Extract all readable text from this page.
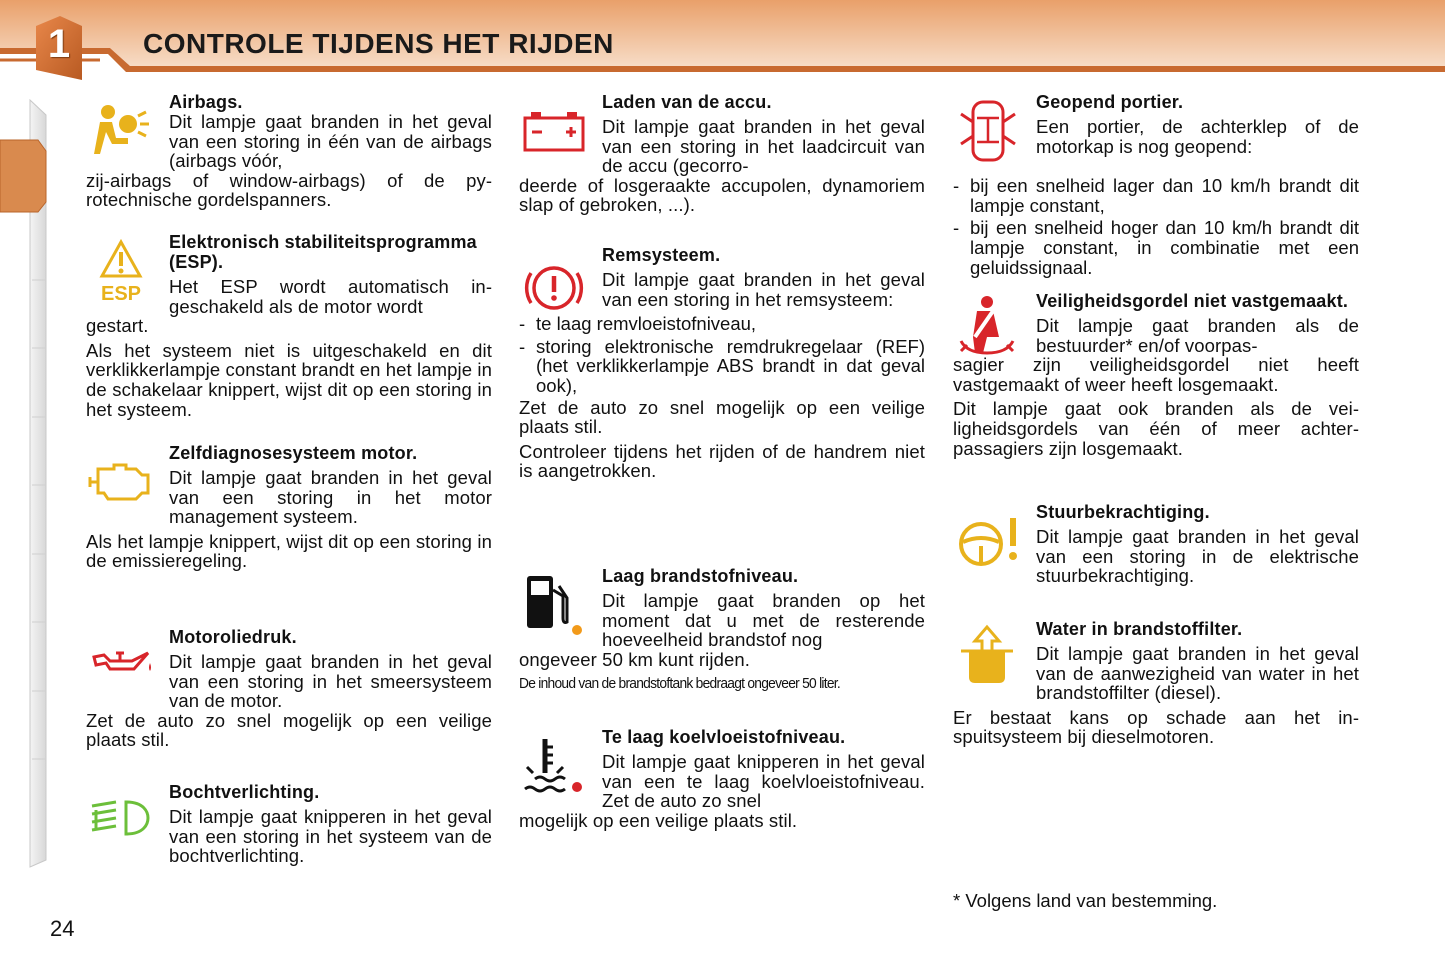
1	CONTROLE TIJDENS HET RIJDEN
Airbags.

Dit lampje gaat branden in het geval van een storing in één van de airbags (airbags vóór,

zij-airbags of window-airbags) of de pyrotechnische gordelspanners.

ESP
Elektronisch stabiliteitsprogramma (ESP).

Het ESP wordt automatisch ingeschakeld als de motor wordt

gestart.

Als het systeem niet is uitgeschakeld en dit verklikkerlampje constant brandt en het lampje in de schakelaar knippert, wijst dit op een storing in het systeem.

Zelfdiagnosesysteem motor.

Dit lampje gaat branden in het geval van een storing in het motor management systeem.

Als het lampje knippert, wijst dit op een storing in de emissieregeling.

Motoroliedruk.

Dit lampje gaat branden in het geval van een storing in het smeersysteem van de motor.

Zet de auto zo snel mogelijk op een veilige plaats stil.

Bochtverlichting.

Dit lampje gaat knipperen in het geval van een storing in het systeem van de bochtverlichting.

Laden van de accu.

Dit lampje gaat branden in het geval van een storing in het laadcircuit van de accu (gecorro-

deerde of losgeraakte accupolen, dynamoriem slap of gebroken, ...).

Remsysteem.

Dit lampje gaat branden in het geval van een storing in het remsysteem:

- te laag remvloeistofniveau,
- storing elektronische remdrukregelaar (REF) (het verklikkerlampje ABS brandt in dat geval ook),

Zet de auto zo snel mogelijk op een veilige plaats stil.

Controleer tijdens het rijden of de handrem niet is aangetrokken.

Laag brandstofniveau.

Dit lampje gaat branden op het moment dat u met de resterende hoeveelheid brandstof nog

ongeveer 50 km kunt rijden.

De inhoud van de brandstoftank bedraagt ongeveer 50 liter.

Te laag koelvloeistofniveau.

Dit lampje gaat knipperen in het geval van een te laag koelvloeistofniveau. Zet de auto zo snel

mogelijk op een veilige plaats stil.

Geopend portier.

Een portier, de achterklep of de motorkap is nog geopend:

- bij een snelheid lager dan 10 km/h brandt dit lampje constant,
- bij een snelheid hoger dan 10 km/h brandt dit lampje constant, in combinatie met een geluidssignaal.
Veiligheidsgordel niet vastgemaakt.

Dit lampje gaat branden als de bestuurder* en/of voorpas-

sagier zijn veiligheidsgordel niet heeft vastgemaakt of weer heeft losgemaakt.

Dit lampje gaat ook branden als de veiligheidsgordels van één of meer achterpassagiers zijn losgemaakt.

Stuurbekrachtiging.

Dit lampje gaat branden in het geval van een storing in de elektrische stuurbekrachtiging.

Water in brandstoffilter.

Dit lampje gaat branden in het geval van de aanwezigheid van water in het brandstoffilter (diesel).

Er bestaat kans op schade aan het inspuitsysteem bij dieselmotoren.

* Volgens land van bestemming.
24
